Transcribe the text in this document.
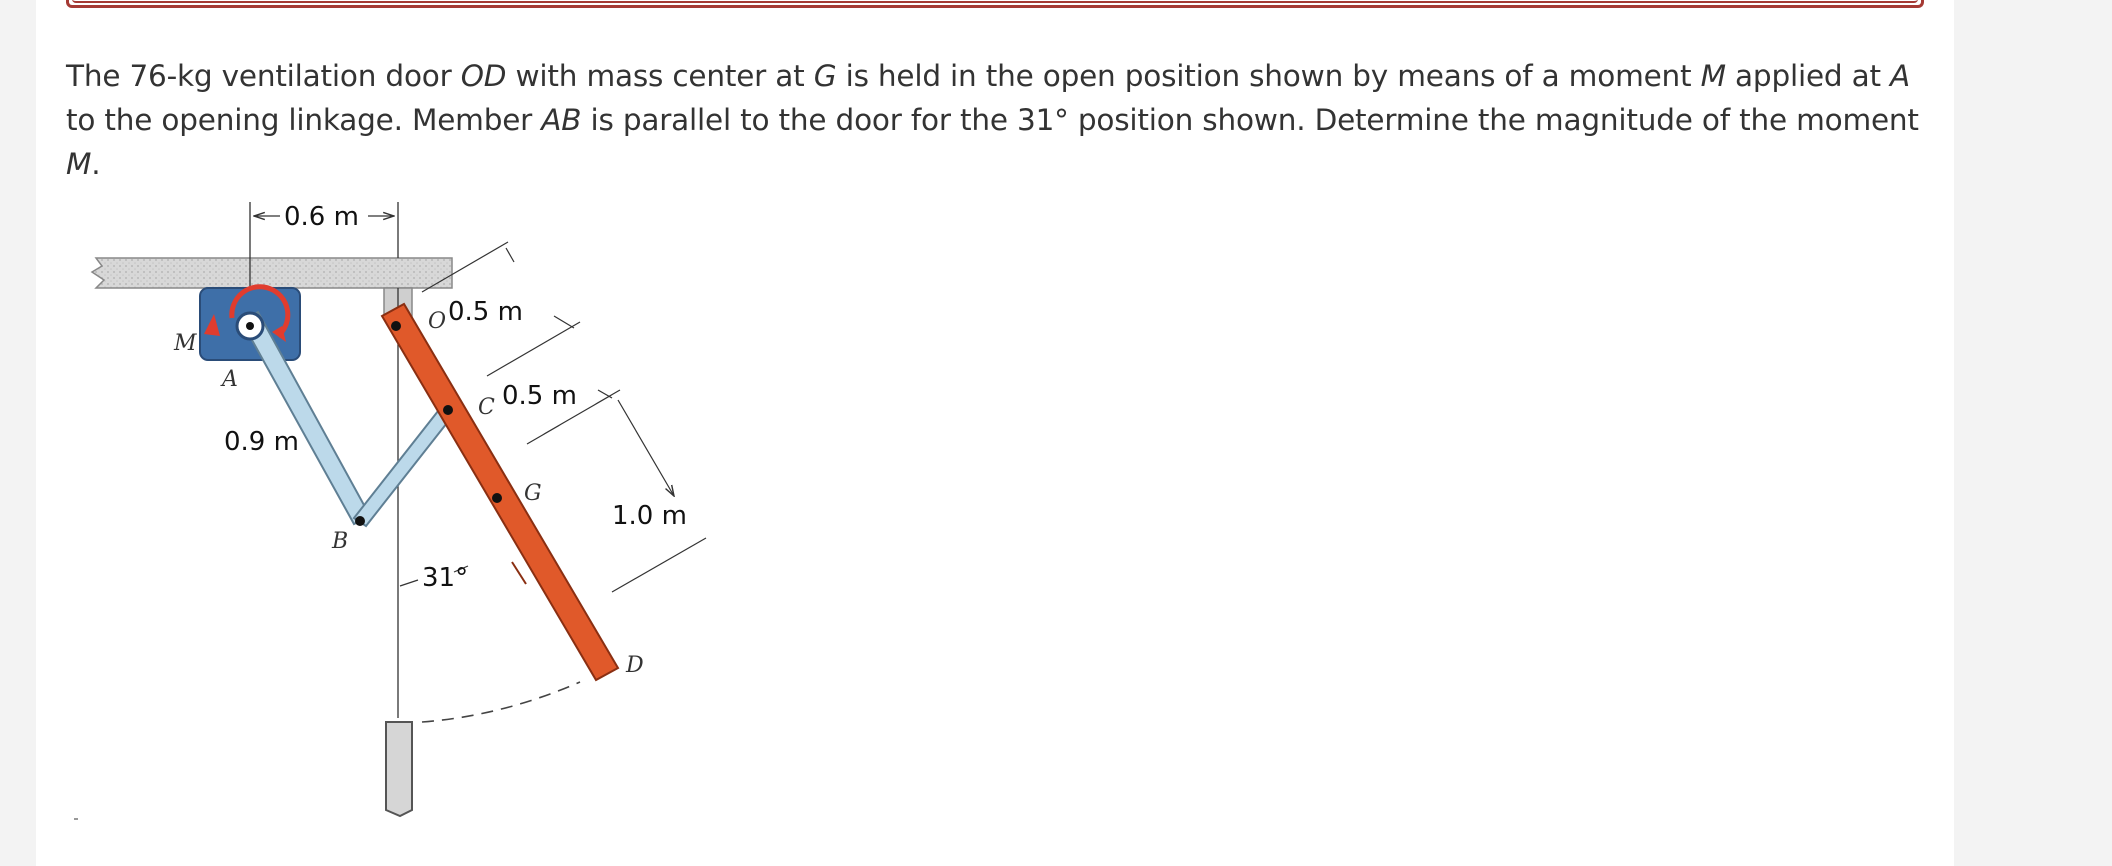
The 76-kg ventilation door OD with mass center at G is held in the open position shown by means of a moment M applied at A to the opening linkage. Member AB is parallel to the door for the 31° position shown. Determine the magnitude of the moment M.

0.6 m
0.5 m
0.5 m
1.0 m
0.9 m
31°
M
A
B
O
C
G
D
